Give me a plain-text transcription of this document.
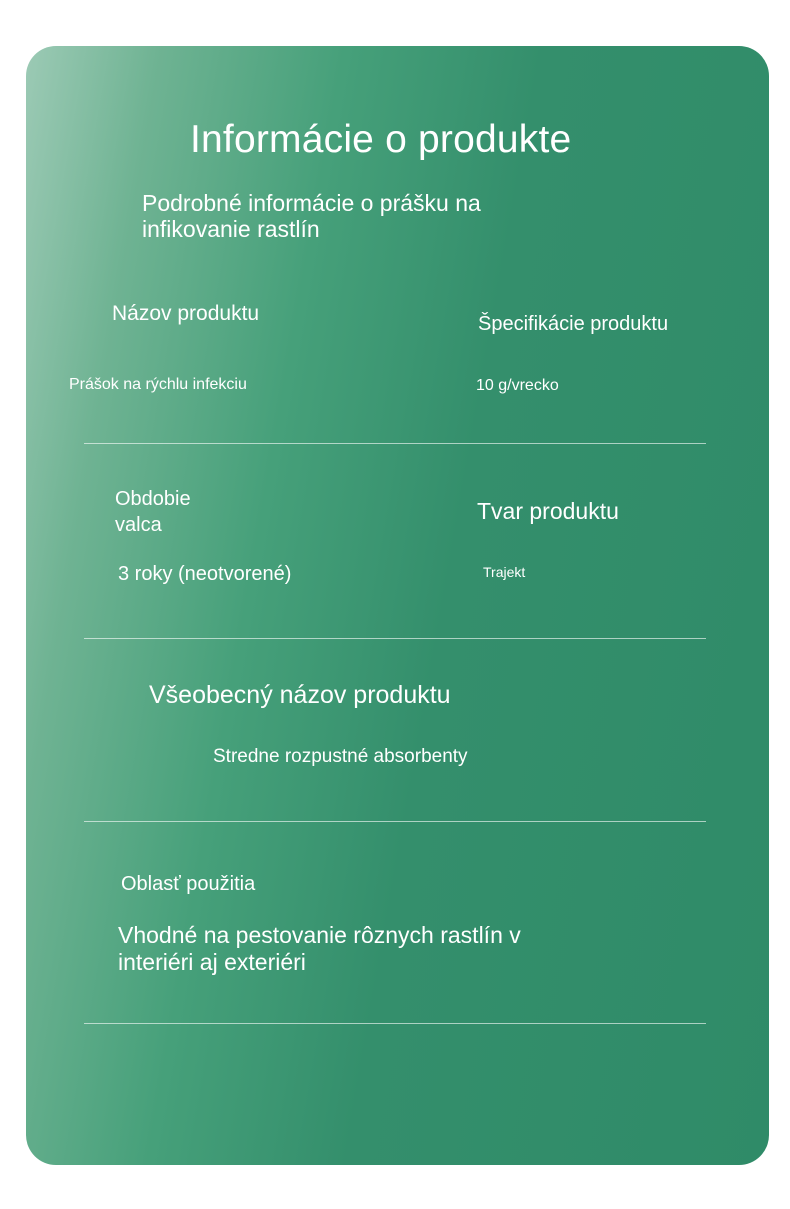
Informácie o produkte
Podrobné informácie o prášku na infikovanie rastlín
Názov produktu
Prášok na rýchlu infekciu
Špecifikácie produktu
10 g/vrecko
Obdobie valca
3 roky (neotvorené)
Tvar produktu
Trajekt
Všeobecný názov produktu
Stredne rozpustné absorbenty
Oblasť použitia
Vhodné na pestovanie rôznych rastlín v interiéri aj exteriéri
